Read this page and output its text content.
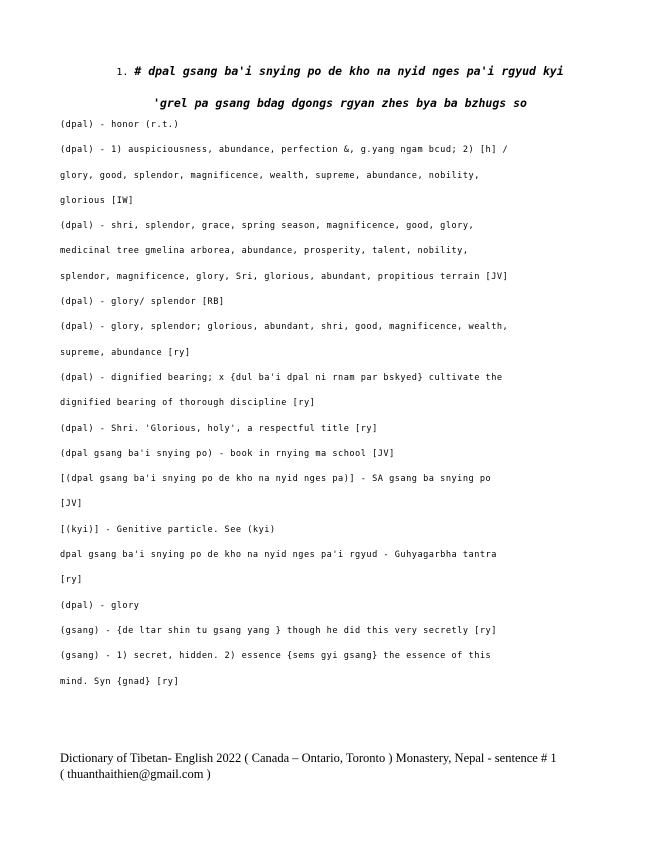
1. # dpal gsang ba'i snying po de kho na nyid nges pa'i rgyud kyi
'grel pa gsang bdag dgongs rgyan zhes bya ba bzhugs so
(dpal) - honor (r.t.)
(dpal) - 1) auspiciousness, abundance, perfection &, g.yang ngam bcud; 2) [h] /
glory, good, splendor, magnificence, wealth, supreme, abundance, nobility,
glorious [IW]
(dpal) - shri, splendor, grace, spring season, magnificence, good, glory,
medicinal tree gmelina arborea, abundance, prosperity, talent, nobility,
splendor, magnificence, glory, Sri, glorious, abundant, propitious terrain [JV]
(dpal) - glory/ splendor [RB]
(dpal) - glory, splendor; glorious, abundant, shri, good, magnificence, wealth,
supreme, abundance [ry]
(dpal) - dignified bearing; x {dul ba'i dpal ni rnam par bskyed} cultivate the
dignified bearing of thorough discipline [ry]
(dpal) - Shri. 'Glorious, holy', a respectful title [ry]
(dpal gsang ba'i snying po) - book in rnying ma school [JV]
[(dpal gsang ba'i snying po de kho na nyid nges pa)] - SA gsang ba snying po
[JV]
[(kyi)] - Genitive particle. See (kyi)
dpal gsang ba'i snying po de kho na nyid nges pa'i rgyud - Guhyagarbha tantra
[ry]
(dpal) - glory
(gsang) - {de ltar shin tu gsang yang } though he did this very secretly [ry]
(gsang) - 1) secret, hidden. 2) essence {sems gyi gsang} the essence of this
mind. Syn {gnad} [ry]
Dictionary of Tibetan- English 2022 ( Canada – Ontario, Toronto ) Monastery, Nepal - sentence # 1
( thuanthaithien@gmail.com )
